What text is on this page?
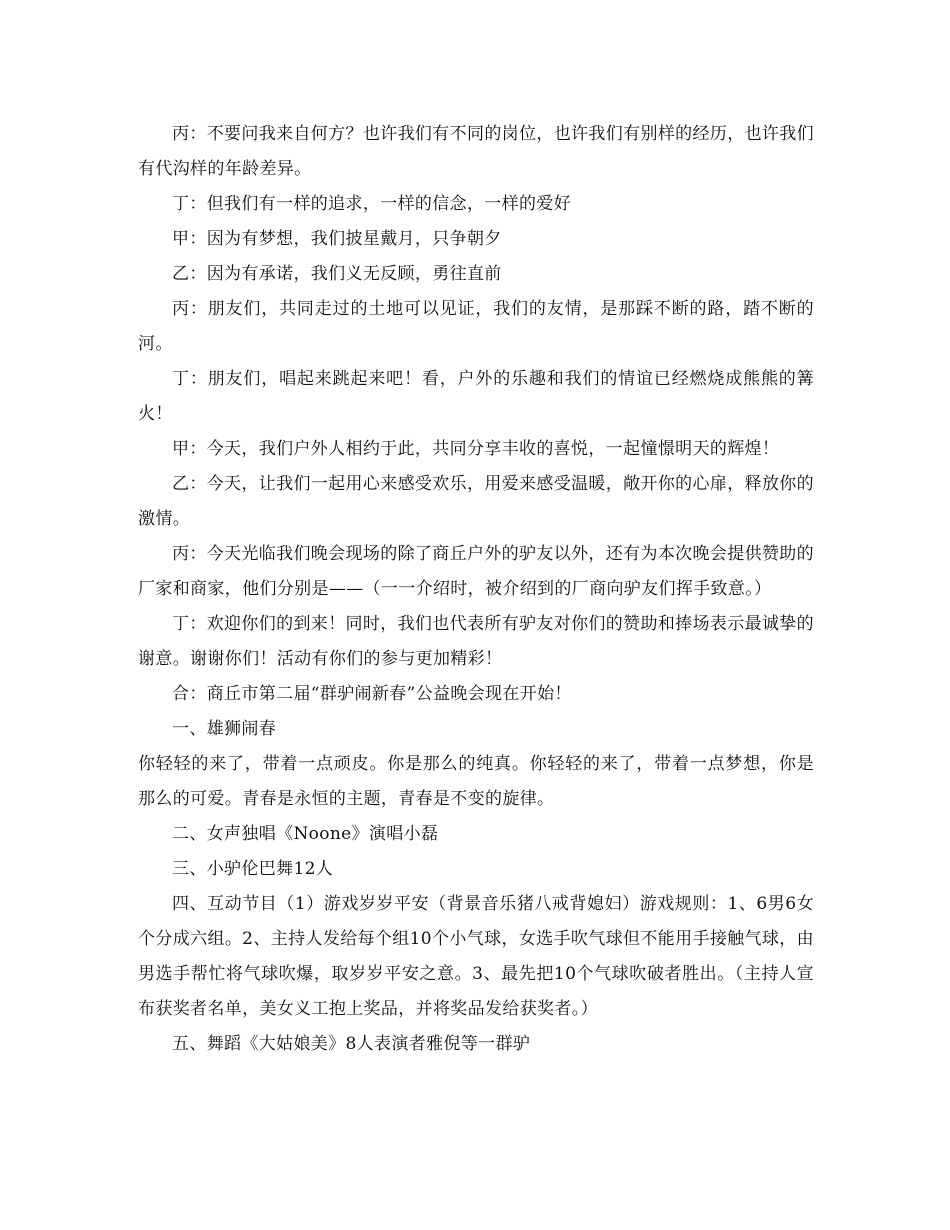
丙：不要问我来自何方？也许我们有不同的岗位，也许我们有别样的经历，也许我们有代沟样的年龄差异。

丁：但我们有一样的追求，一样的信念，一样的爱好

甲：因为有梦想，我们披星戴月，只争朝夕

乙：因为有承诺，我们义无反顾，勇往直前

丙：朋友们，共同走过的土地可以见证，我们的友情，是那踩不断的路，踏不断的河。

丁：朋友们，唱起来跳起来吧！看，户外的乐趣和我们的情谊已经燃烧成熊熊的篝火！

甲：今天，我们户外人相约于此，共同分享丰收的喜悦，一起憧憬明天的辉煌！

乙：今天，让我们一起用心来感受欢乐，用爱来感受温暖，敞开你的心扉，释放你的激情。

丙：今天光临我们晚会现场的除了商丘户外的驴友以外，还有为本次晚会提供赞助的厂家和商家，他们分别是——（一一介绍时，被介绍到的厂商向驴友们挥手致意。）

丁：欢迎你们的到来！同时，我们也代表所有驴友对你们的赞助和捧场表示最诚挚的谢意。谢谢你们！活动有你们的参与更加精彩！

合：商丘市第二届“群驴闹新春”公益晚会现在开始！

一、雄狮闹春

你轻轻的来了，带着一点顽皮。你是那么的纯真。你轻轻的来了，带着一点梦想，你是那么的可爱。青春是永恒的主题，青春是不变的旋律。

二、女声独唱《Noone》演唱小磊

三、小驴伦巴舞12人

四、互动节目（1）游戏岁岁平安（背景音乐猪八戒背媳妇）游戏规则：1、6男6女个分成六组。2、主持人发给每个组10个小气球，女选手吹气球但不能用手接触气球，由男选手帮忙将气球吹爆，取岁岁平安之意。3、最先把10个气球吹破者胜出。（主持人宣布获奖者名单，美女义工抱上奖品，并将奖品发给获奖者。）

五、舞蹈《大姑娘美》8人表演者雅倪等一群驴
